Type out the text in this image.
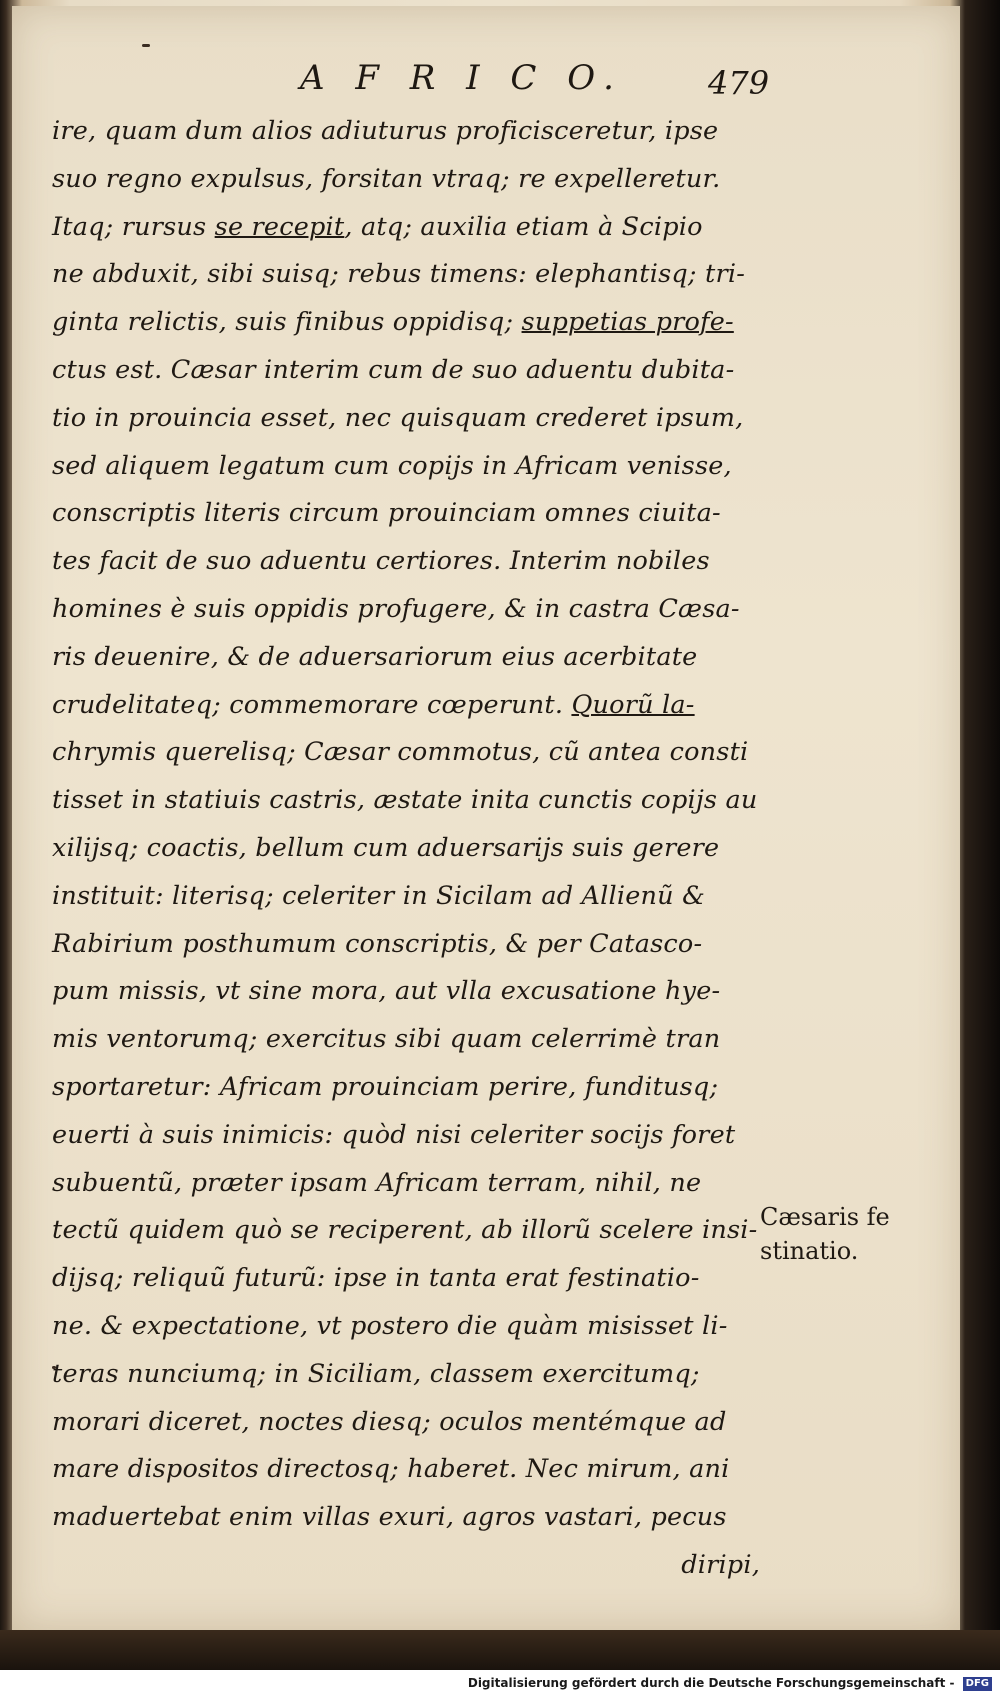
A F R I C O.	479
ire, quam dum alios adiuturus proficisceretur, ipse
suo regno expulsus, forsitan vtraq; re expelleretur.
Itaq; rursus se recepit, atq; auxilia etiam à Scipio
ne abduxit, sibi suisq; rebus timens: elephantisq; tri-
ginta relictis, suis finibus oppidisq; suppetias profe-
ctus est. Cæsar interim cum de suo aduentu dubita-
tio in prouincia esset, nec quisquam crederet ipsum,
sed aliquem legatum cum copijs in Africam venisse,
conscriptis literis circum prouinciam omnes ciuita-
tes facit de suo aduentu certiores. Interim nobiles
homines è suis oppidis profugere, & in castra Cæsa-
ris deuenire, & de aduersariorum eius acerbitate
crudelitateq; commemorare cœperunt. Quorũ la-
chrymis querelisq; Cæsar commotus, cũ antea consti
tisset in statiuis castris, æstate inita cunctis copijs au
xilijsq; coactis, bellum cum aduersarijs suis gerere
instituit: literisq; celeriter in Sicilam ad Allienũ &
Rabirium posthumum conscriptis, & per Catascο-
pum missis, vt sine mora, aut vlla excusatione hye-
mis ventorumq; exercitus sibi quam celerrimè tran
sportaretur: Africam prouinciam perire, funditusq;
euerti à suis inimicis: quòd nisi celeriter socijs foret
subuentũ, præter ipsam Africam terram, nihil, ne
tectũ quidem quò se reciperent, ab illorũ scelere insi-
dijsq; reliquũ futurũ: ipse in tanta erat festinatio-
ne. & expectatione, vt postero die quàm misisset li-
teras nunciumq; in Siciliam, classem exercitumq;
morari diceret, noctes diesq; oculos mentémque ad
mare dispositos directosq; haberet. Nec mirum, ani
maduertebat enim villas exuri, agros vastari, pecus
diripi,
Cæsaris fe
stinatio.
Digitalisierung gefördert durch die Deutsche Forschungsgemeinschaft - DFG
